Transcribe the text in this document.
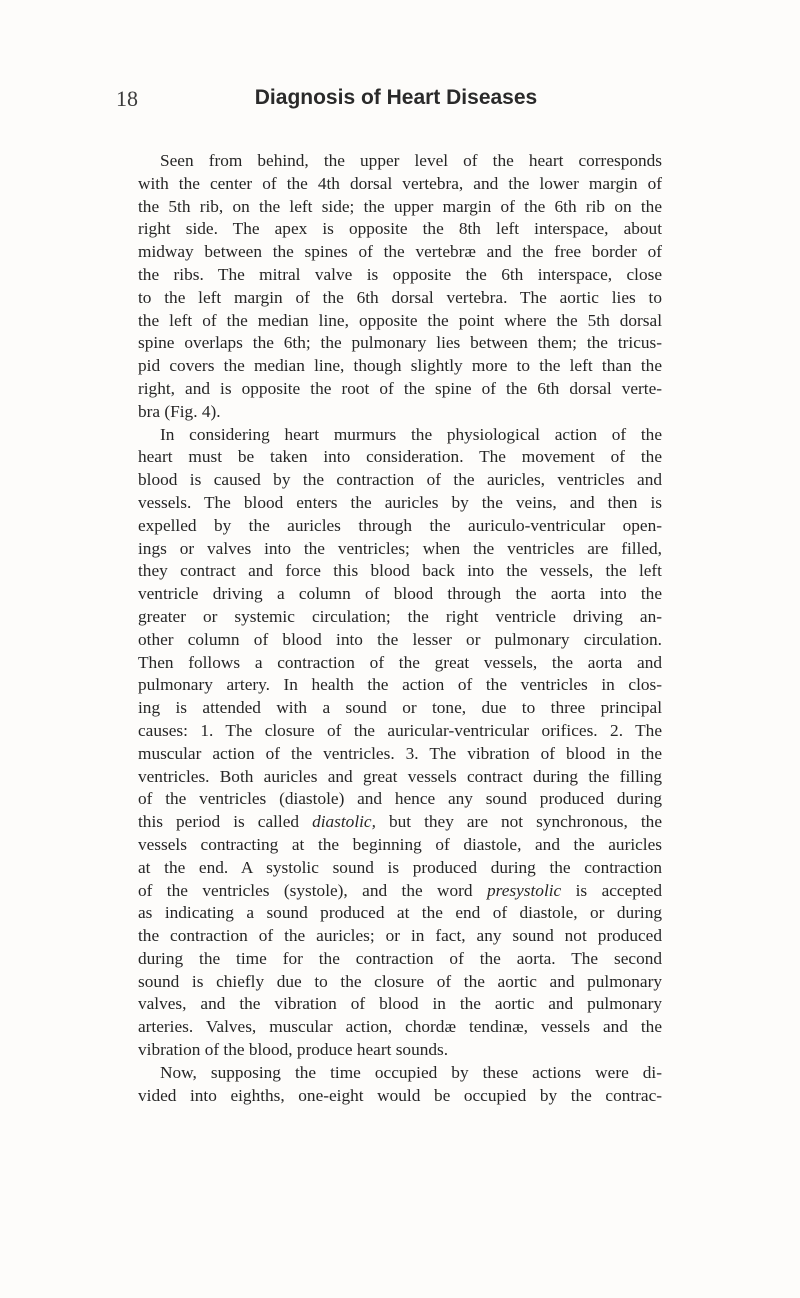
18	Diagnosis of Heart Diseases
Seen from behind, the upper level of the heart corresponds
with the center of the 4th dorsal vertebra, and the lower margin of
the 5th rib, on the left side; the upper margin of the 6th rib on the
right side. The apex is opposite the 8th left interspace, about
midway between the spines of the vertebræ and the free border of
the ribs. The mitral valve is opposite the 6th interspace, close
to the left margin of the 6th dorsal vertebra. The aortic lies to
the left of the median line, opposite the point where the 5th dorsal
spine overlaps the 6th; the pulmonary lies between them; the tricus-
pid covers the median line, though slightly more to the left than the
right, and is opposite the root of the spine of the 6th dorsal verte-
bra (Fig. 4).
In considering heart murmurs the physiological action of the
heart must be taken into consideration. The movement of the
blood is caused by the contraction of the auricles, ventricles and
vessels. The blood enters the auricles by the veins, and then is
expelled by the auricles through the auriculo-ventricular open-
ings or valves into the ventricles; when the ventricles are filled,
they contract and force this blood back into the vessels, the left
ventricle driving a column of blood through the aorta into the
greater or systemic circulation; the right ventricle driving an-
other column of blood into the lesser or pulmonary circulation.
Then follows a contraction of the great vessels, the aorta and
pulmonary artery. In health the action of the ventricles in clos-
ing is attended with a sound or tone, due to three principal
causes: 1. The closure of the auricular-ventricular orifices. 2. The
muscular action of the ventricles. 3. The vibration of blood in the
ventricles. Both auricles and great vessels contract during the filling
of the ventricles (diastole) and hence any sound produced during
this period is called diastolic, but they are not synchronous, the
vessels contracting at the beginning of diastole, and the auricles
at the end. A systolic sound is produced during the contraction
of the ventricles (systole), and the word presystolic is accepted
as indicating a sound produced at the end of diastole, or during
the contraction of the auricles; or in fact, any sound not produced
during the time for the contraction of the aorta. The second
sound is chiefly due to the closure of the aortic and pulmonary
valves, and the vibration of blood in the aortic and pulmonary
arteries. Valves, muscular action, chordæ tendinæ, vessels and the
vibration of the blood, produce heart sounds.
Now, supposing the time occupied by these actions were di-
vided into eighths, one-eight would be occupied by the contrac-
